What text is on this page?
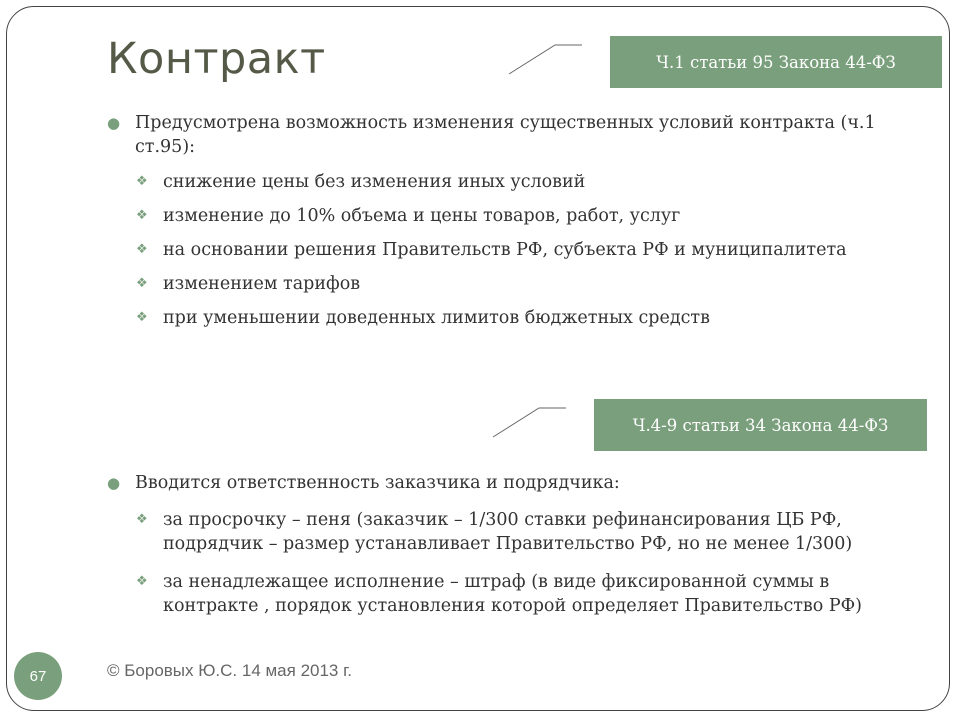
Контракт	Ч.1 статьи 95 Закона 44-ФЗ
Ч.4-9 статьи 34 Закона 44-ФЗ
● Предусмотрена возможность изменения существенных условий контракта (ч.1 ст.95):
❖ снижение цены без изменения иных условий
❖ изменение до 10% объема и цены товаров, работ, услуг
❖ на основании решения Правительств РФ, субъекта РФ и муниципалитета
❖ изменением тарифов
❖ при уменьшении доведенных лимитов бюджетных средств
● Вводится ответственность заказчика и подрядчика:
❖ за просрочку – пеня (заказчик – 1/300 ставки рефинансирования ЦБ РФ, подрядчик – размер устанавливает Правительство РФ, но не менее 1/300)
❖ за ненадлежащее исполнение – штраф (в виде фиксированной суммы в контракте , порядок установления которой определяет Правительство РФ)
67	© Боровых Ю.С. 14 мая 2013 г.
